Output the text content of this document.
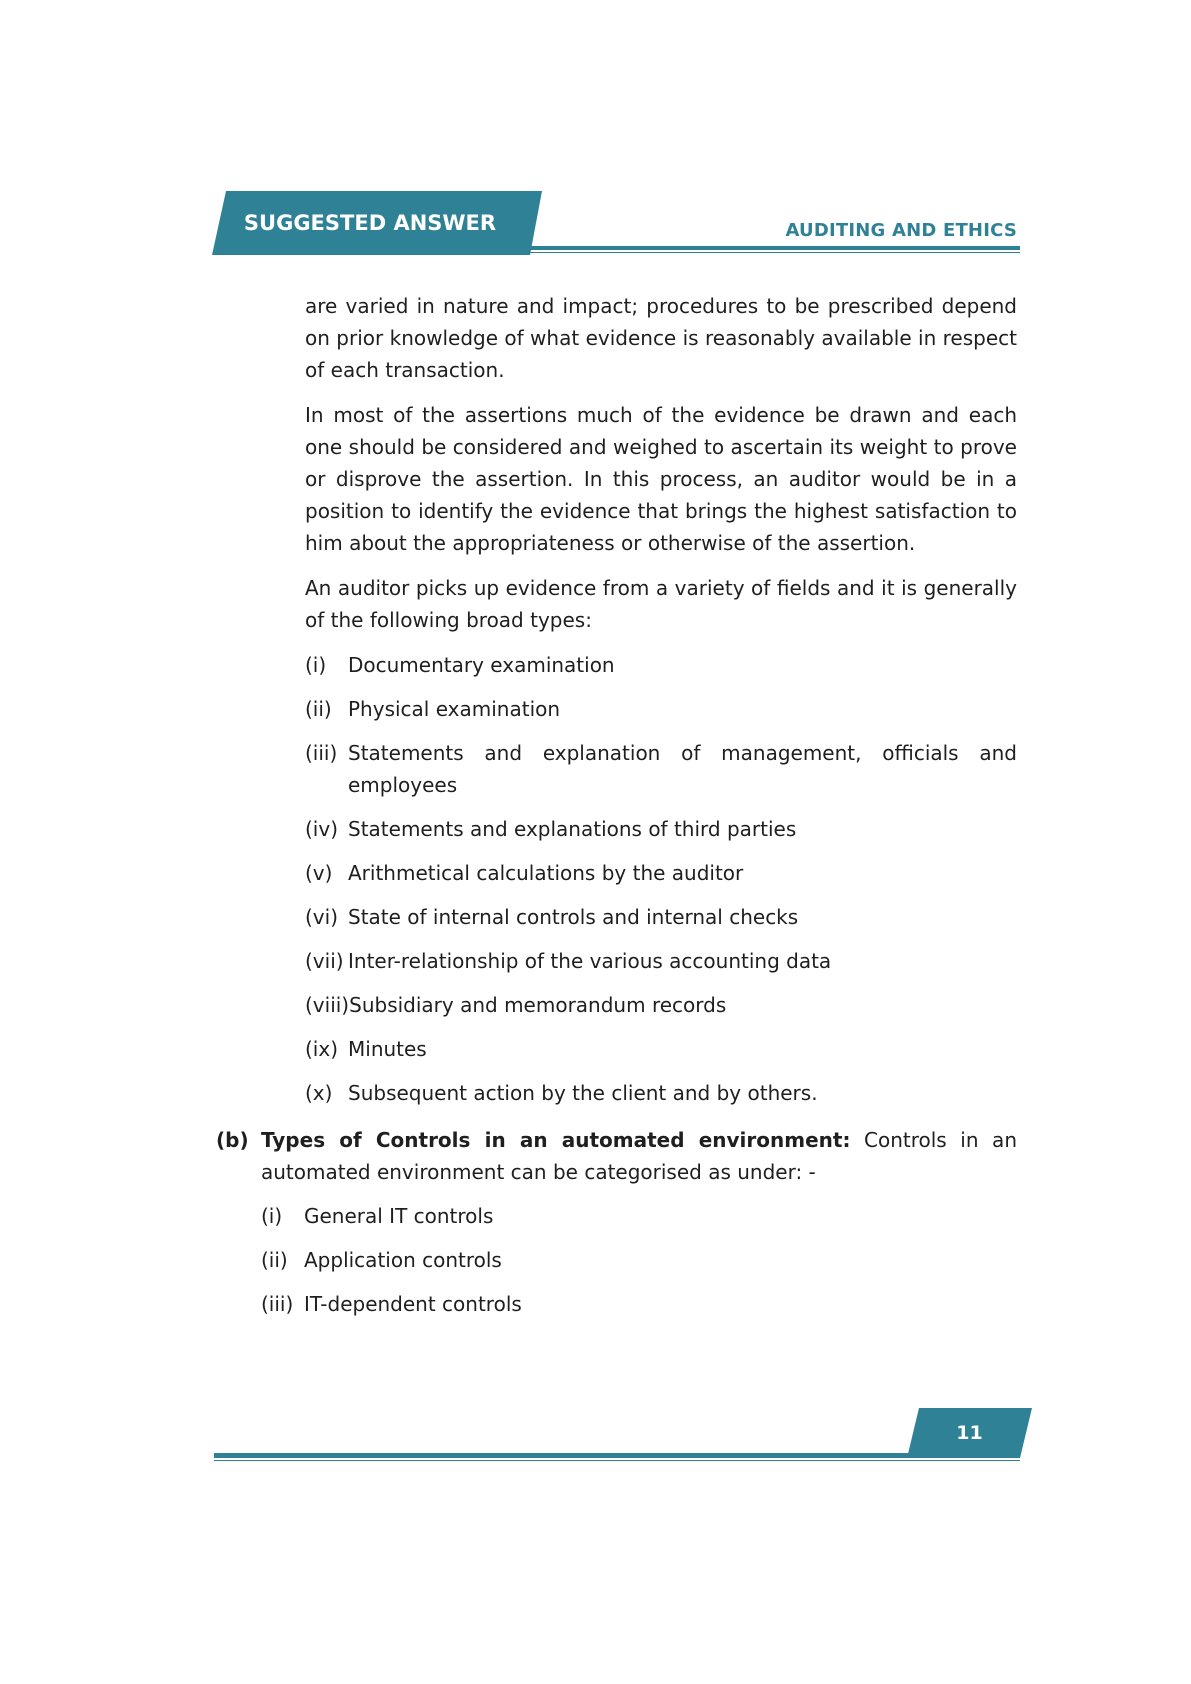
SUGGESTED ANSWER	AUDITING AND ETHICS

are varied in nature and impact; procedures to be prescribed depend on prior knowledge of what evidence is reasonably available in respect of each transaction.

In most of the assertions much of the evidence be drawn and each one should be considered and weighed to ascertain its weight to prove or disprove the assertion. In this process, an auditor would be in a position to identify the evidence that brings the highest satisfaction to him about the appropriateness or otherwise of the assertion.

An auditor picks up evidence from a variety of fields and it is generally of the following broad types:

(i)	Documentary examination
(ii) Physical examination
(iii) Statements and explanation of management, officials and employees
(iv) Statements and explanations of third parties
(v) Arithmetical calculations by the auditor
(vi) State of internal controls and internal checks
(vii) Inter-relationship of the various accounting data
(viii) Subsidiary and memorandum records
(ix) Minutes
(x) Subsequent action by the client and by others.
(b) Types of Controls in an automated environment: Controls in an automated environment can be categorised as under: -
(i)	General IT controls
(ii) Application controls
(iii) IT-dependent controls
11
